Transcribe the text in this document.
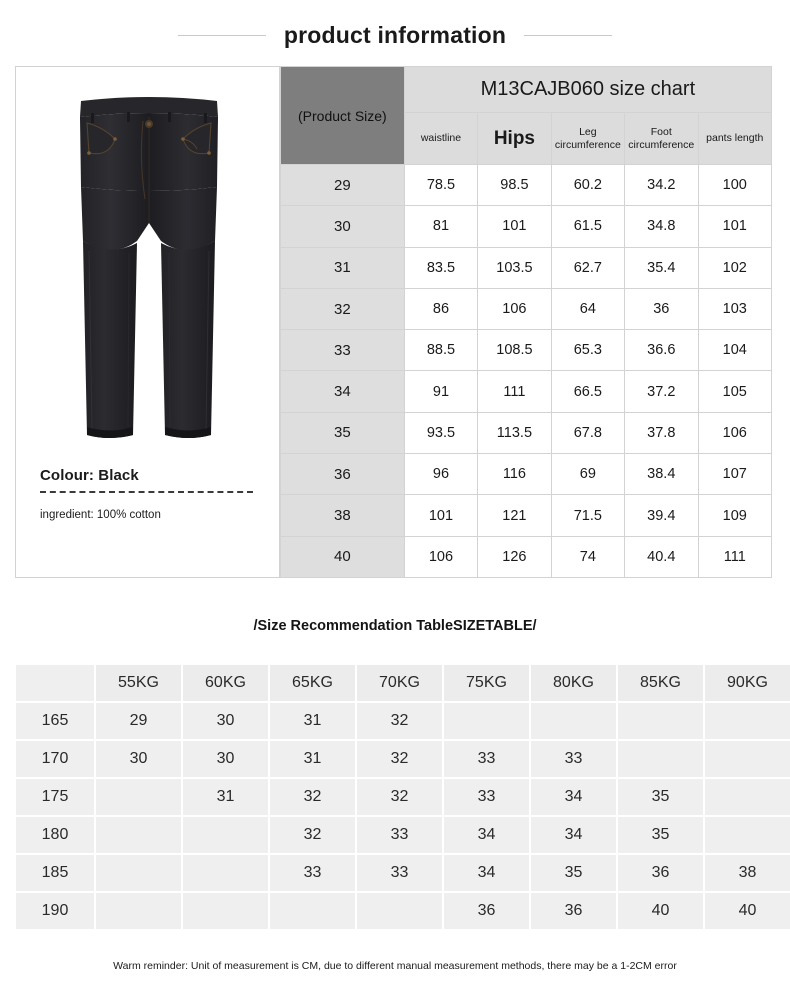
product information
Colour: Black
ingredient: 100% cotton
(Product Size)	M13CAJB060 size chart				
	waistline	Hips	Leg circumference	Foot circumference	pants length
29	78.5	98.5	60.2	34.2	100
30	81	101	61.5	34.8	101
31	83.5	103.5	62.7	35.4	102
32	86	106	64	36	103
33	88.5	108.5	65.3	36.6	104
34	91	111	66.5	37.2	105
35	93.5	113.5	67.8	37.8	106
36	96	116	69	38.4	107
38	101	121	71.5	39.4	109
40	106	126	74	40.4	111
/Size Recommendation TableSIZETABLE/
	55KG	60KG	65KG	70KG	75KG	80KG	85KG	90KG
165	29	30	31	32				
170	30	30	31	32	33	33		
175		31	32	32	33	34	35	
180			32	33	34	34	35	
185			33	33	34	35	36	38
190					36	36	40	40
Warm reminder: Unit of measurement is CM, due to different manual measurement methods, there may be a 1-2CM error
